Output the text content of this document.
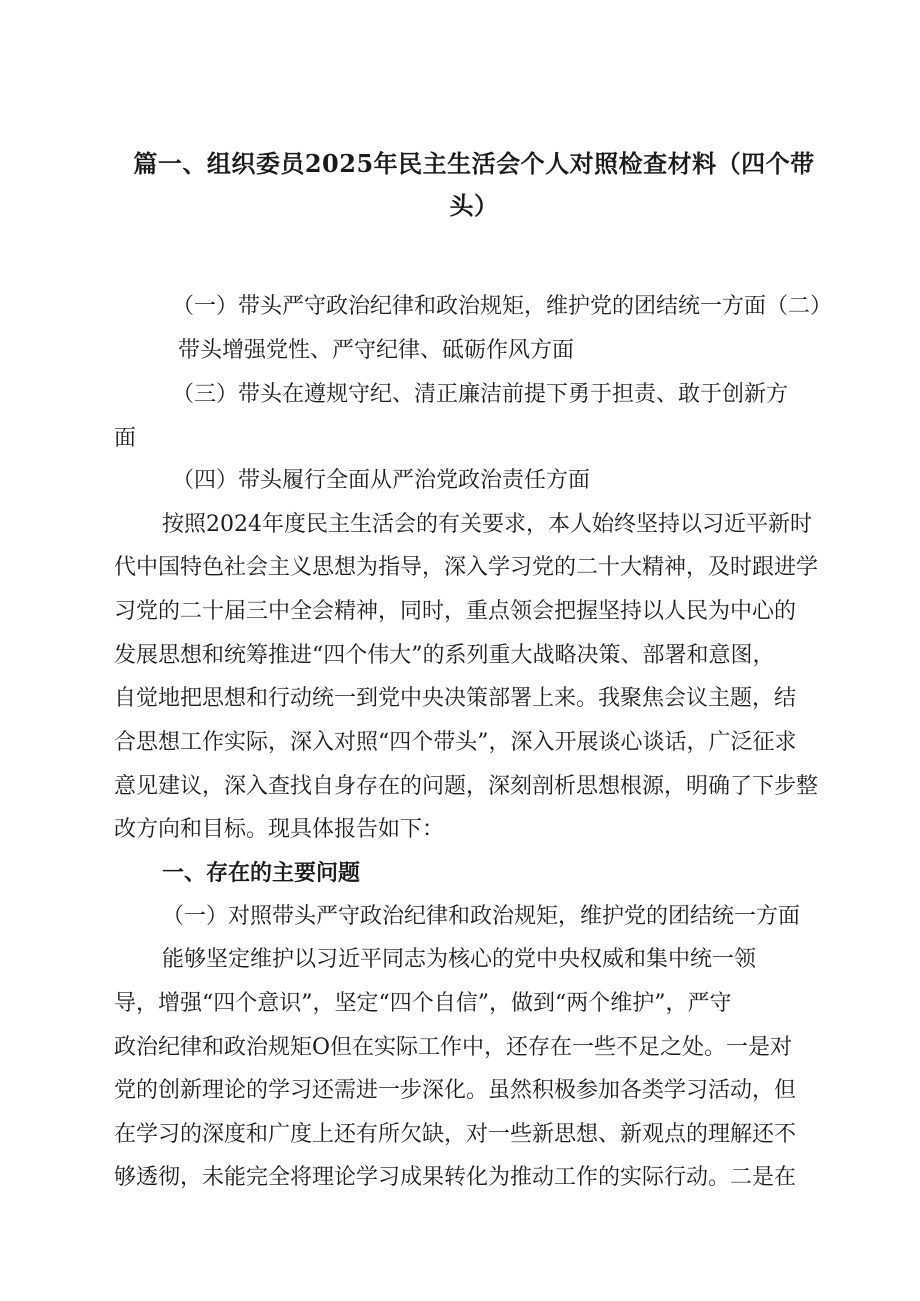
篇一、组织委员2025年民主生活会个人对照检查材料（四个带
头）
（一）带头严守政治纪律和政治规矩，维护党的团结统一方面（二）
带头增强党性、严守纪律、砥砺作风方面
（三）带头在遵规守纪、清正廉洁前提下勇于担责、敢于创新方
面
（四）带头履行全面从严治党政治责任方面
按照2024年度民主生活会的有关要求，本人始终坚持以习近平新时
代中国特色社会主义思想为指导，深入学习党的二十大精神，及时跟进学
习党的二十届三中全会精神，同时，重点领会把握坚持以人民为中心的
发展思想和统筹推进“四个伟大”的系列重大战略决策、部署和意图，
自觉地把思想和行动统一到党中央决策部署上来。我聚焦会议主题，结
合思想工作实际，深入对照“四个带头”，深入开展谈心谈话，广泛征求
意见建议，深入查找自身存在的问题，深刻剖析思想根源，明确了下步整
改方向和目标。现具体报告如下：
一、存在的主要问题
（一）对照带头严守政治纪律和政治规矩，维护党的团结统一方面
能够坚定维护以习近平同志为核心的党中央权威和集中统一领
导，增强“四个意识”，坚定“四个自信”，做到“两个维护”，严守
政治纪律和政治规矩O但在实际工作中，还存在一些不足之处。一是对
党的创新理论的学习还需进一步深化。虽然积极参加各类学习活动，但
在学习的深度和广度上还有所欠缺，对一些新思想、新观点的理解还不
够透彻，未能完全将理论学习成果转化为推动工作的实际行动。二是在
